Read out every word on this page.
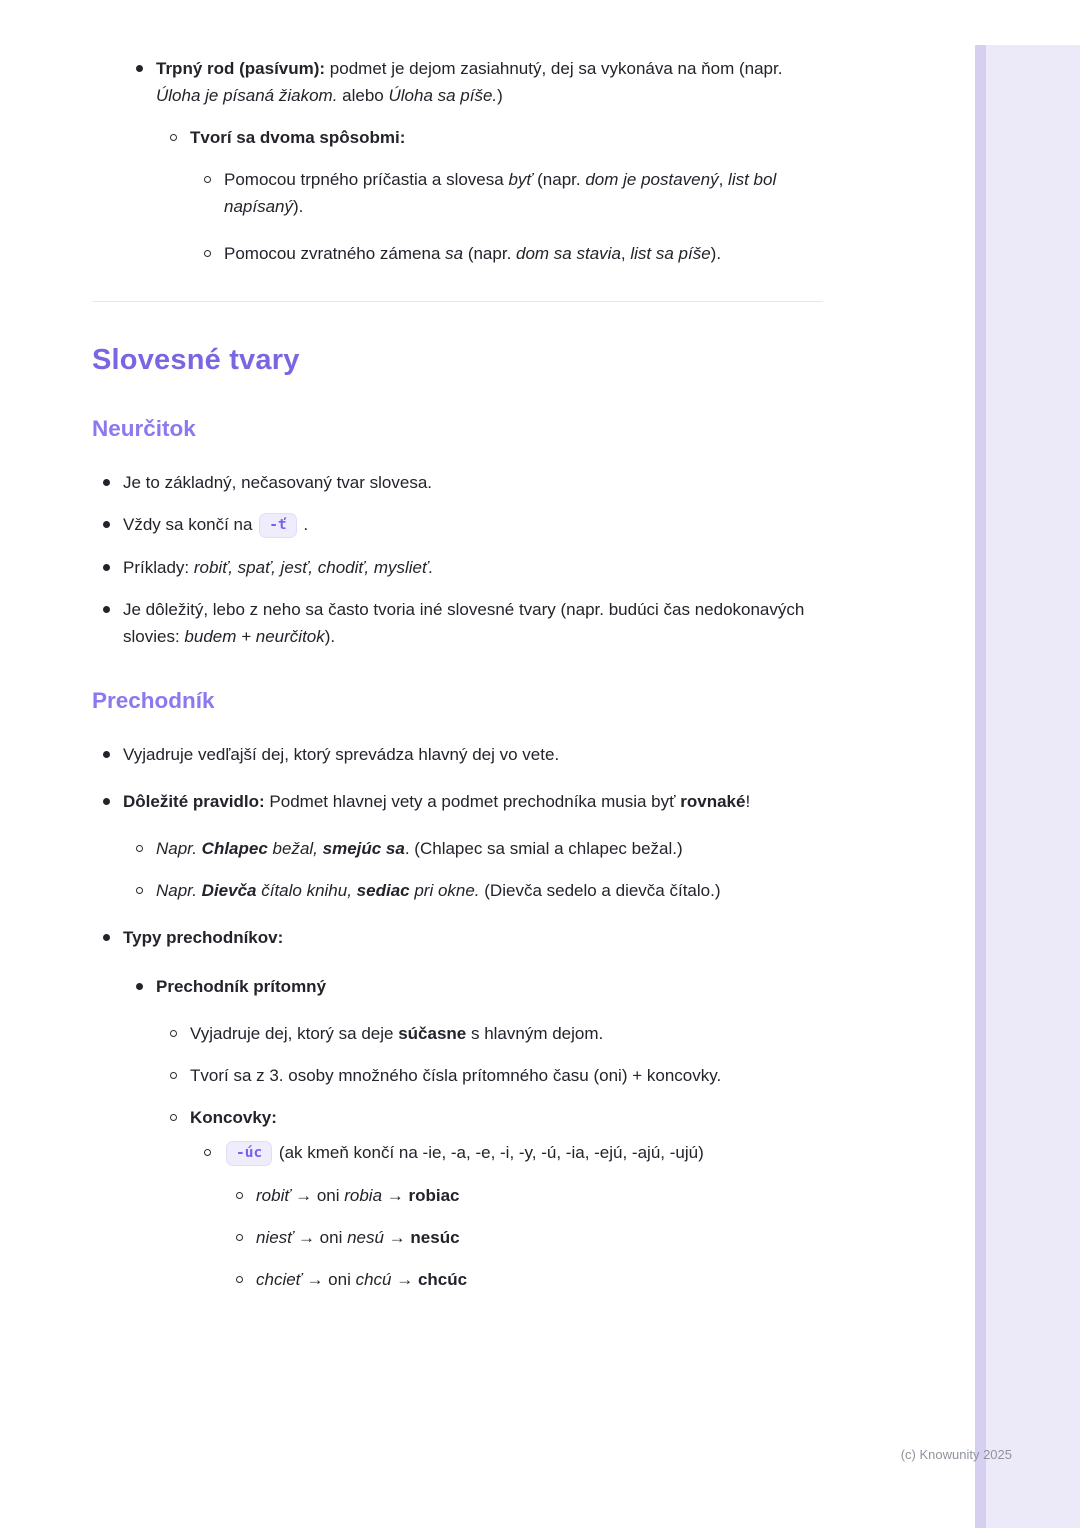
Trpný rod (pasívum): podmet je dejom zasiahnutý, dej sa vykonáva na ňom (napr. Úloha je písaná žiakom. alebo Úloha sa píše.)
Tvorí sa dvoma spôsobmi:
Pomocou trpného príčastia a slovesa byť (napr. dom je postavený, list bol napísaný).
Pomocou zvratného zámena sa (napr. dom sa stavia, list sa píše).
Slovesné tvary
Neurčitok
Je to základný, nečasovaný tvar slovesa.
Vždy sa končí na -ť .
Príklady: robiť, spať, jesť, chodiť, myslieť.
Je dôležitý, lebo z neho sa často tvoria iné slovesné tvary (napr. budúci čas nedokonavých slovies: budem + neurčitok).
Prechodník
Vyjadruje vedľajší dej, ktorý sprevádza hlavný dej vo vete.
Dôležité pravidlo: Podmet hlavnej vety a podmet prechodníka musia byť rovnaké!
Napr. Chlapec bežal, smejúc sa. (Chlapec sa smial a chlapec bežal.)
Napr. Dievča čítalo knihu, sediac pri okne. (Dievča sedelo a dievča čítalo.)
Typy prechodníkov:
Prechodník prítomný
Vyjadruje dej, ktorý sa deje súčasne s hlavným dejom.
Tvorí sa z 3. osoby množného čísla prítomného času (oni) + koncovky.
Koncovky:
-úc (ak kmeň končí na -ie, -a, -e, -i, -y, -ú, -ia, -ejú, -ajú, -ujú)
robiť → oni robia → robiac
niesť → oni nesú → nesúc
chcieť → oni chcú → chcúc
(c) Knowunity 2025
